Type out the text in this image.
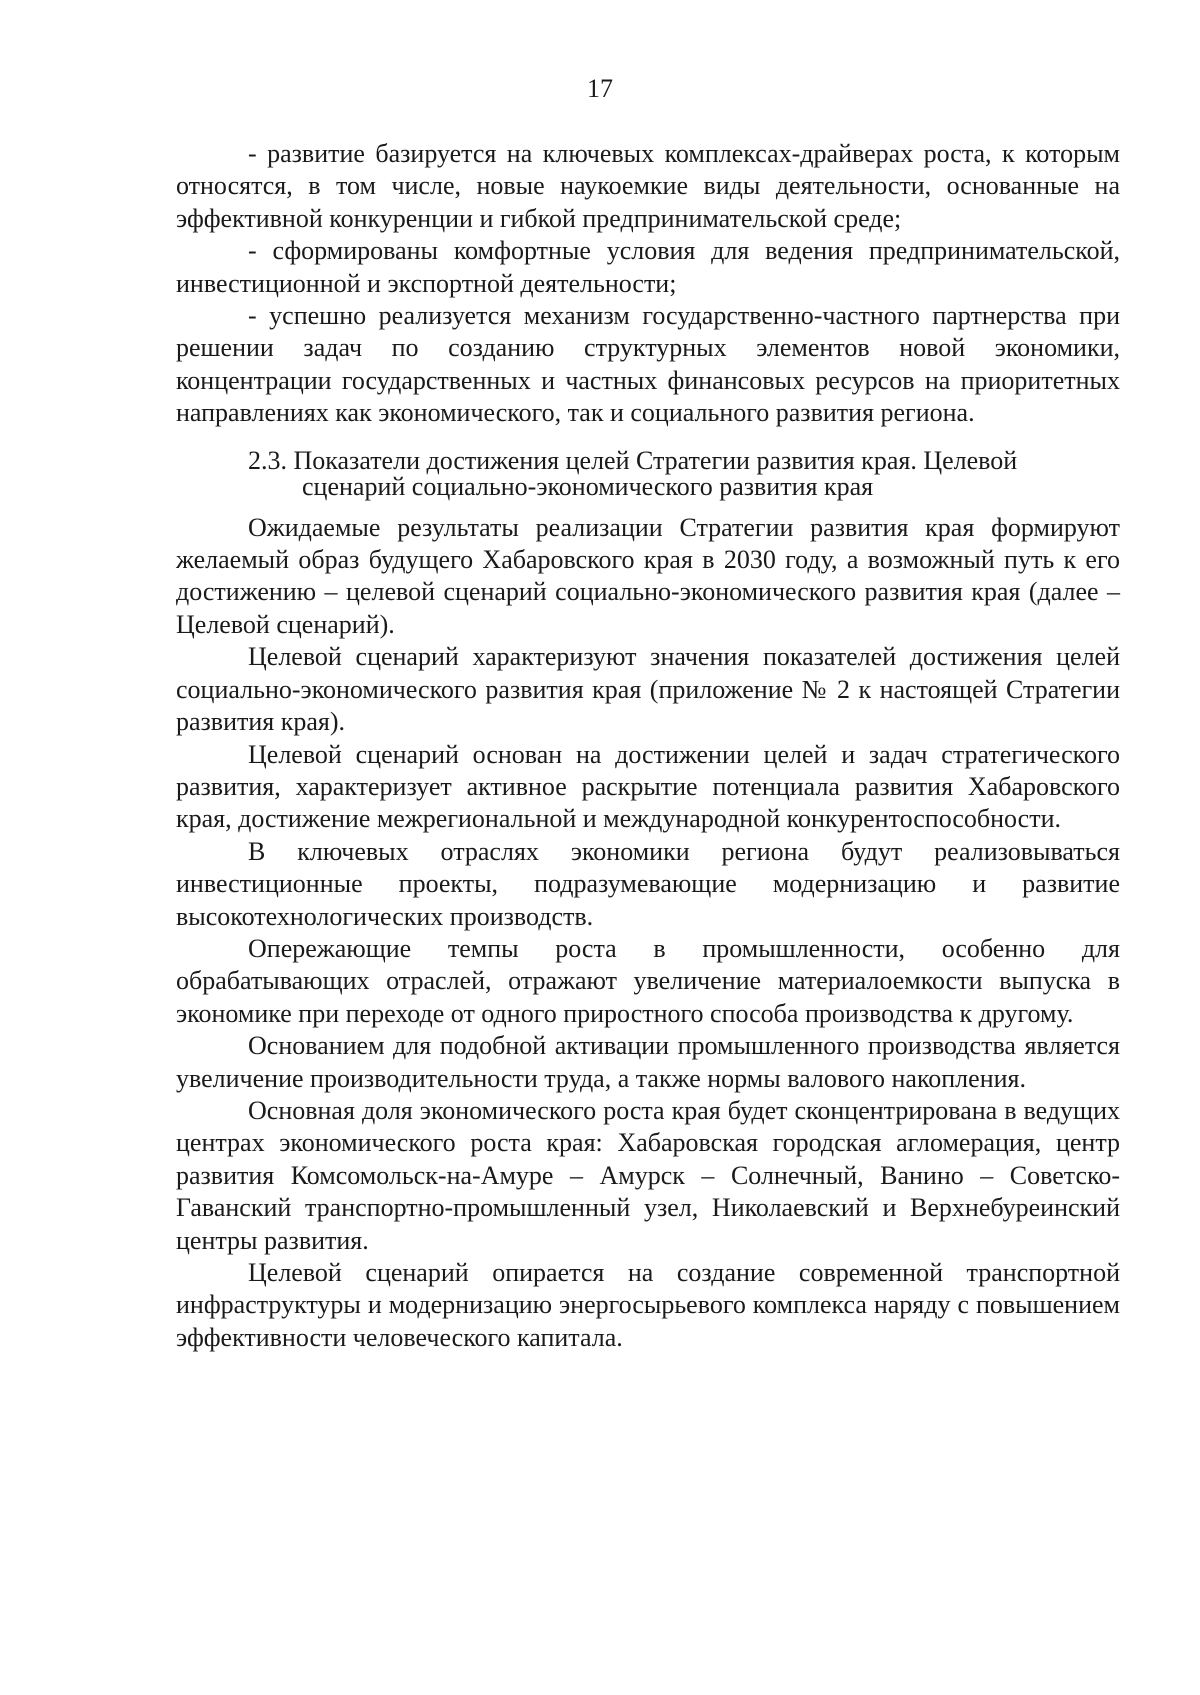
17

- развитие базируется на ключевых комплексах-драйверах роста, к которым относятся, в том числе, новые наукоемкие виды деятельности, основанные на эффективной конкуренции и гибкой предпринимательской среде;

- сформированы комфортные условия для ведения предпринимательской, инвестиционной и экспортной деятельности;

- успешно реализуется механизм государственно-частного партнерства при решении задач по созданию структурных элементов новой экономики, концентрации государственных и частных финансовых ресурсов на приоритетных направлениях как экономического, так и социального развития региона.

2.3. Показатели достижения целей Стратегии развития края. Целевой
сценарий социально-экономического развития края

Ожидаемые результаты реализации Стратегии развития края формируют желаемый образ будущего Хабаровского края в 2030 году, а возможный путь к его достижению – целевой сценарий социально-экономического развития края (далее – Целевой сценарий).

Целевой сценарий характеризуют значения показателей достижения целей социально-экономического развития края (приложение № 2 к настоящей Стратегии развития края).

Целевой сценарий основан на достижении целей и задач стратегического развития, характеризует активное раскрытие потенциала развития Хабаровского края, достижение межрегиональной и международной конкурентоспособности.

В ключевых отраслях экономики региона будут реализовываться инвестиционные проекты, подразумевающие модернизацию и развитие высокотехнологических производств.

Опережающие темпы роста в промышленности, особенно для обрабатывающих отраслей, отражают увеличение материалоемкости выпуска в экономике при переходе от одного приростного способа производства к другому.

Основанием для подобной активации промышленного производства является увеличение производительности труда, а также нормы валового накопления.

Основная доля экономического роста края будет сконцентрирована в ведущих центрах экономического роста края: Хабаровская городская агломерация, центр развития Комсомольск-на-Амуре – Амурск – Солнечный, Ванино – Советско-Гаванский транспортно-промышленный узел, Николаевский и Верхнебуреинский центры развития.

Целевой сценарий опирается на создание современной транспортной инфраструктуры и модернизацию энергосырьевого комплекса наряду с повышением эффективности человеческого капитала.
